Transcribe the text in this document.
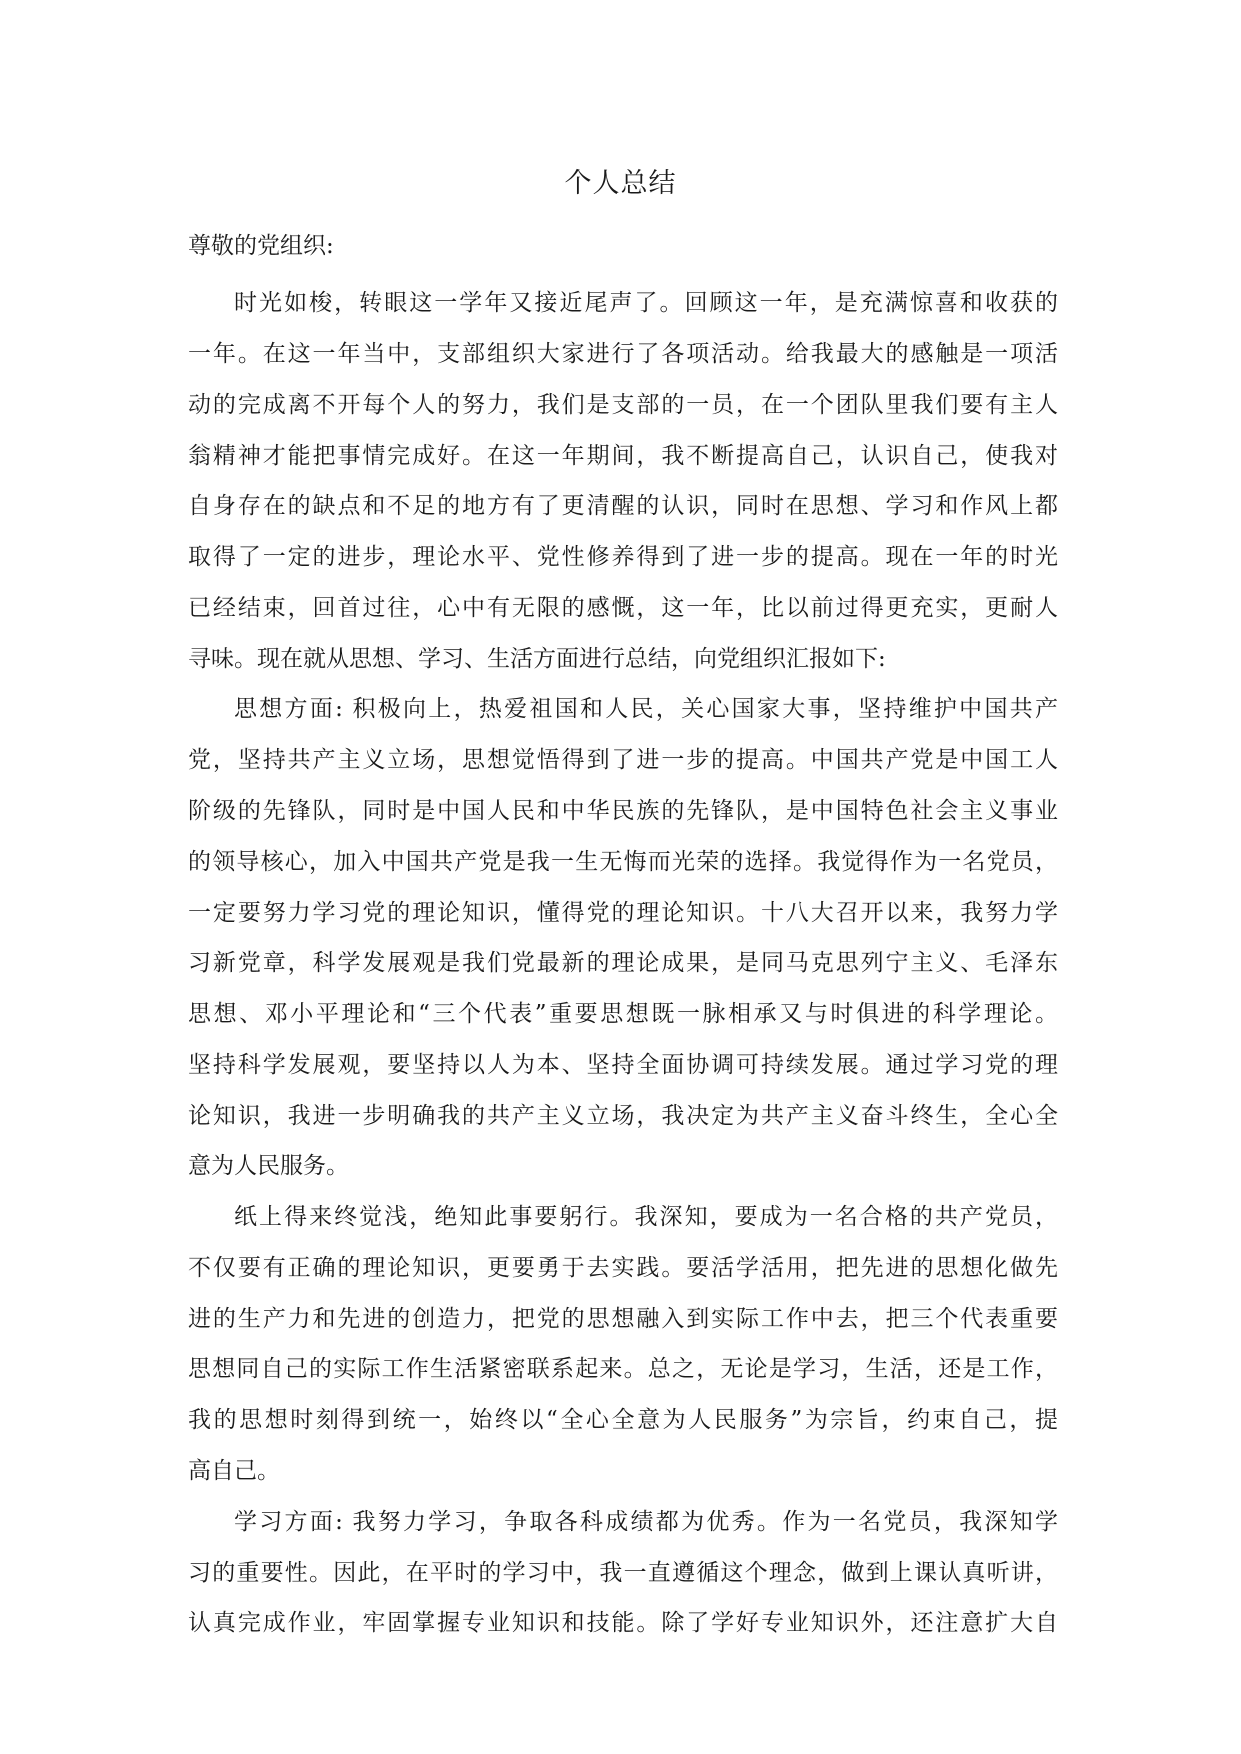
个人总结
尊敬的党组织:
时光如梭，转眼这一学年又接近尾声了。回顾这一年，是充满惊喜和收获的
一年。在这一年当中，支部组织大家进行了各项活动。给我最大的感触是一项活
动的完成离不开每个人的努力，我们是支部的一员，在一个团队里我们要有主人
翁精神才能把事情完成好。在这一年期间，我不断提高自己，认识自己，使我对
自身存在的缺点和不足的地方有了更清醒的认识，同时在思想、学习和作风上都
取得了一定的进步，理论水平、党性修养得到了进一步的提高。现在一年的时光
已经结束，回首过往，心中有无限的感慨，这一年，比以前过得更充实，更耐人
寻味。现在就从思想、学习、生活方面进行总结，向党组织汇报如下:
思想方面: 积极向上，热爱祖国和人民，关心国家大事，坚持维护中国共产
党，坚持共产主义立场，思想觉悟得到了进一步的提高。中国共产党是中国工人
阶级的先锋队，同时是中国人民和中华民族的先锋队，是中国特色社会主义事业
的领导核心，加入中国共产党是我一生无悔而光荣的选择。我觉得作为一名党员，
一定要努力学习党的理论知识，懂得党的理论知识。十八大召开以来，我努力学
习新党章，科学发展观是我们党最新的理论成果，是同马克思列宁主义、毛泽东
思想、邓小平理论和“三个代表”重要思想既一脉相承又与时俱进的科学理论。
坚持科学发展观，要坚持以人为本、坚持全面协调可持续发展。通过学习党的理
论知识，我进一步明确我的共产主义立场，我决定为共产主义奋斗终生，全心全
意为人民服务。
纸上得来终觉浅，绝知此事要躬行。我深知，要成为一名合格的共产党员，
不仅要有正确的理论知识，更要勇于去实践。要活学活用，把先进的思想化做先
进的生产力和先进的创造力，把党的思想融入到实际工作中去，把三个代表重要
思想同自己的实际工作生活紧密联系起来。总之，无论是学习，生活，还是工作，
我的思想时刻得到统一，始终以“全心全意为人民服务”为宗旨，约束自己，提
高自己。
学习方面: 我努力学习，争取各科成绩都为优秀。作为一名党员，我深知学
习的重要性。因此，在平时的学习中，我一直遵循这个理念，做到上课认真听讲，
认真完成作业，牢固掌握专业知识和技能。除了学好专业知识外，还注意扩大自
